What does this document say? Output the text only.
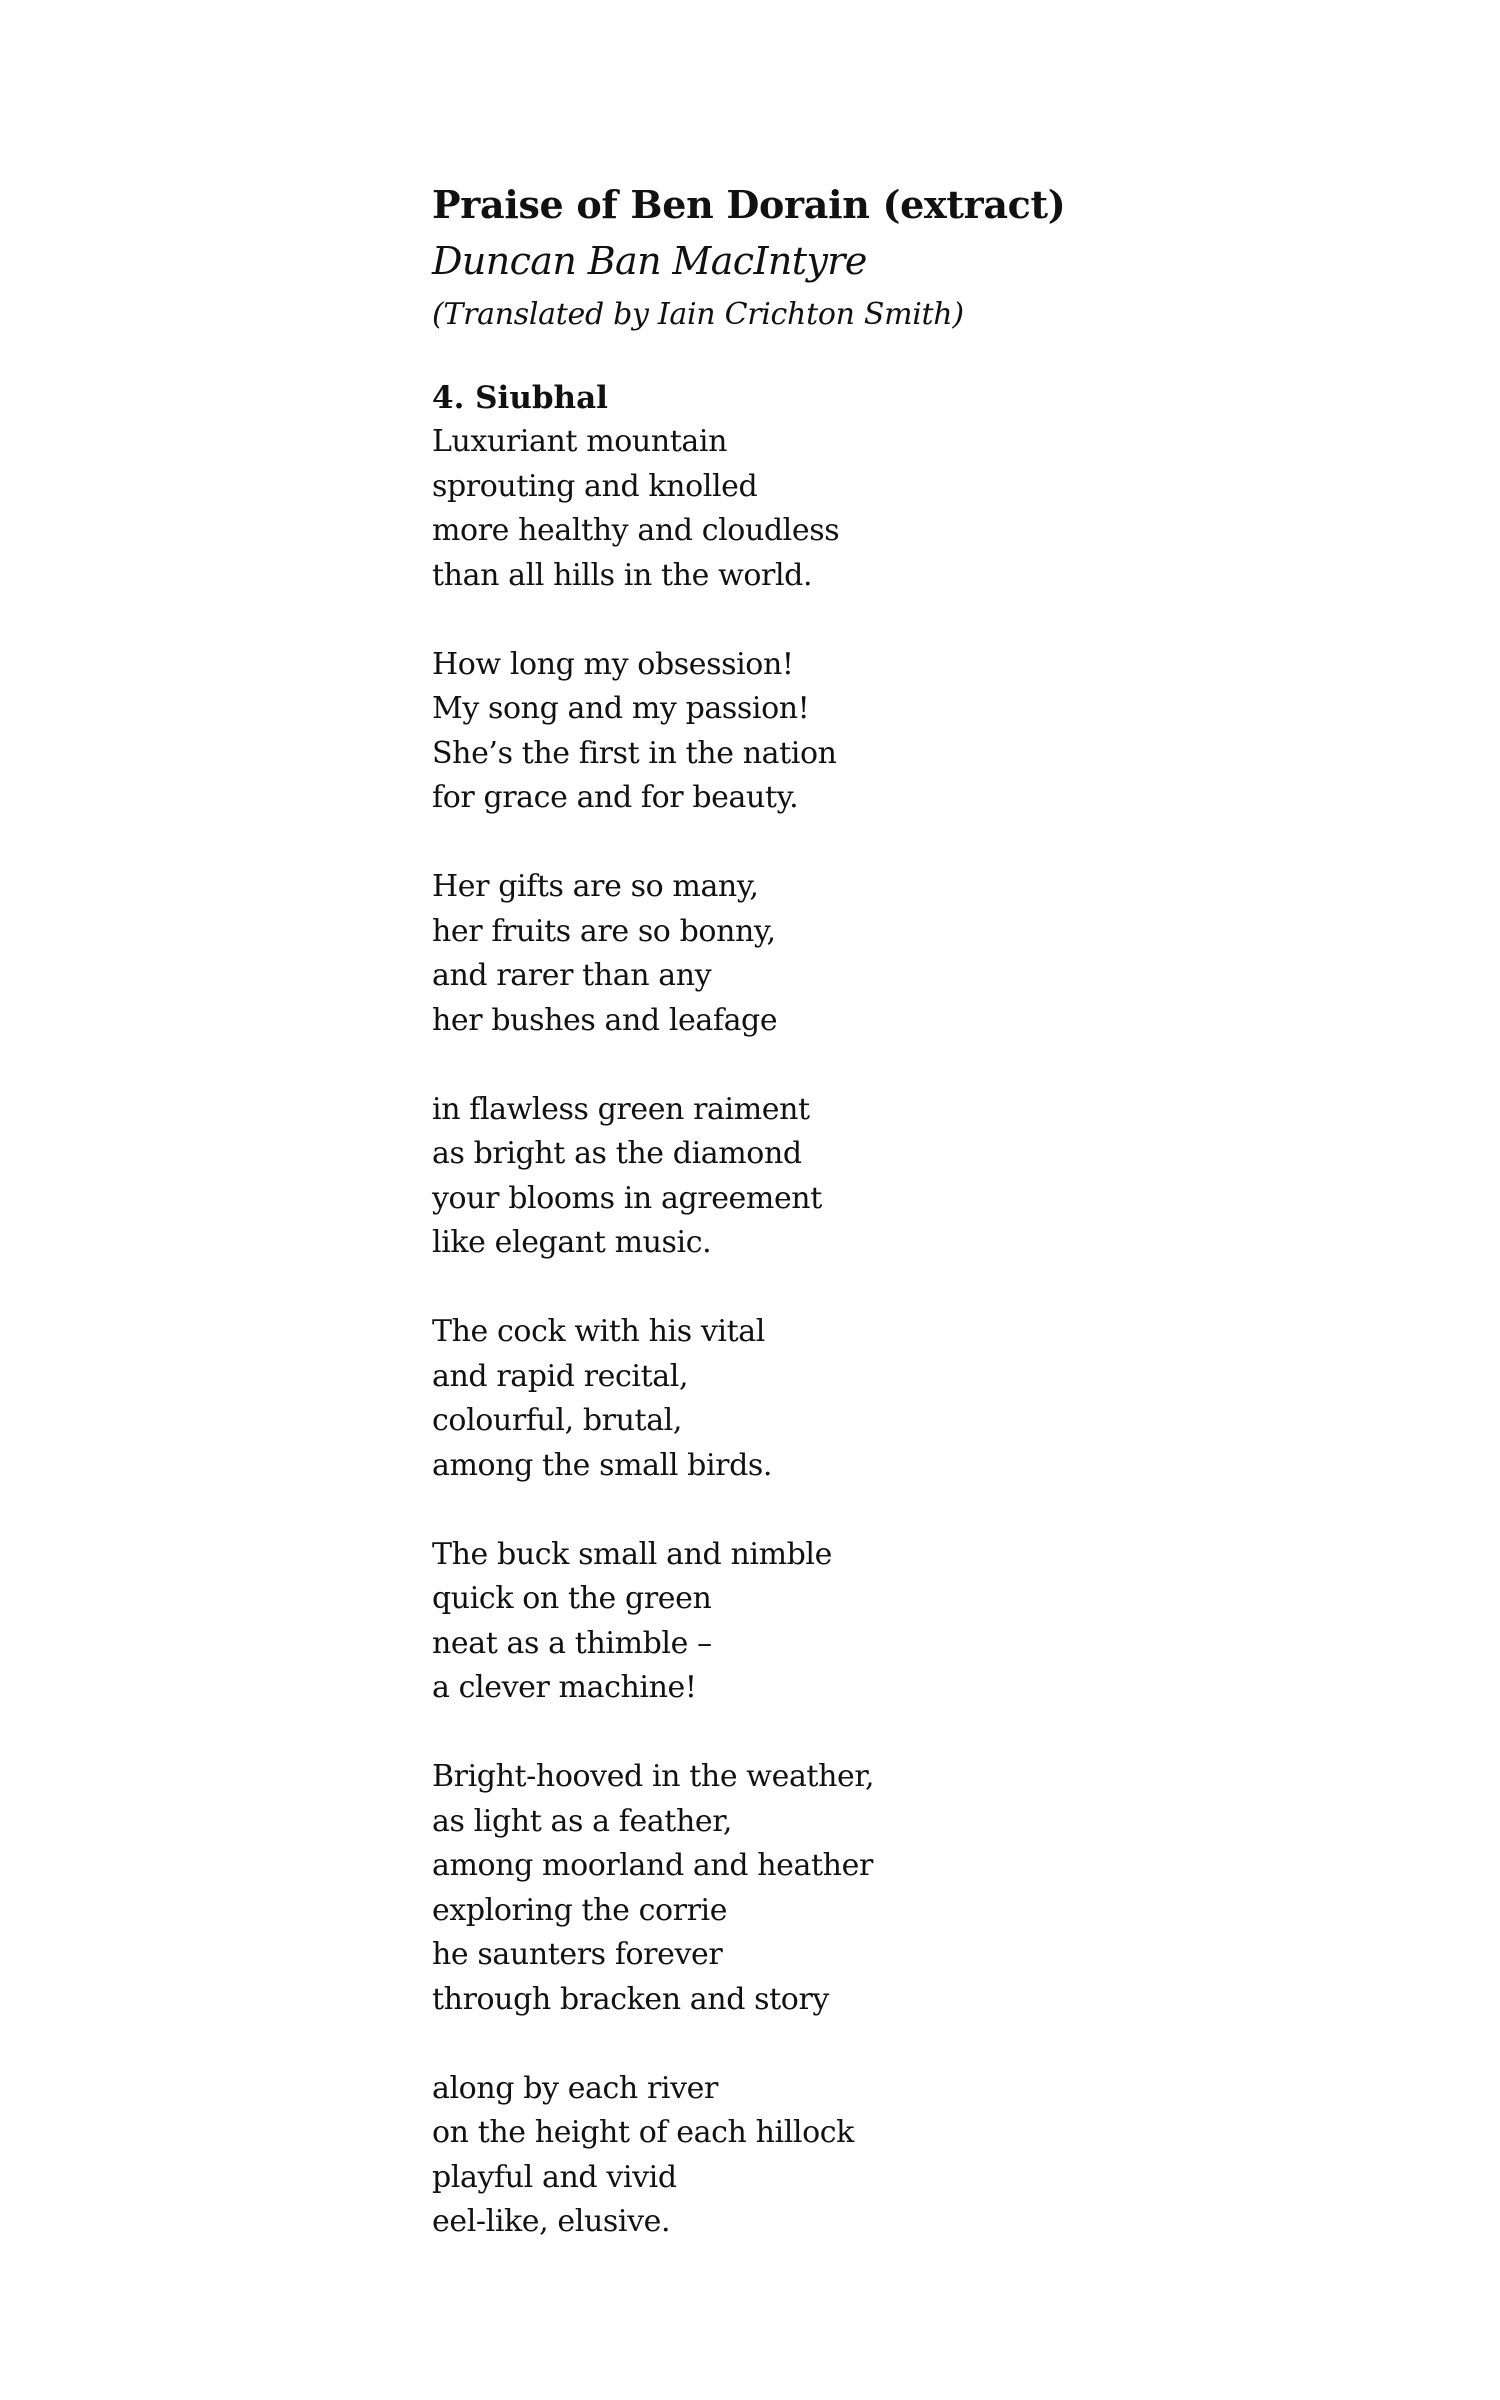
Praise of Ben Dorain (extract)
Duncan Ban MacIntyre
(Translated by Iain Crichton Smith)
4. Siubhal
Luxuriant mountain
sprouting and knolled
more healthy and cloudless
than all hills in the world.
How long my obsession!
My song and my passion!
She’s the first in the nation
for grace and for beauty.
Her gifts are so many,
her fruits are so bonny,
and rarer than any
her bushes and leafage
in flawless green raiment
as bright as the diamond
your blooms in agreement
like elegant music.
The cock with his vital
and rapid recital,
colourful, brutal,
among the small birds.
The buck small and nimble
quick on the green
neat as a thimble –
a clever machine!
Bright-hooved in the weather,
as light as a feather,
among moorland and heather
exploring the corrie
he saunters forever
through bracken and story
along by each river
on the height of each hillock
playful and vivid
eel-like, elusive.
